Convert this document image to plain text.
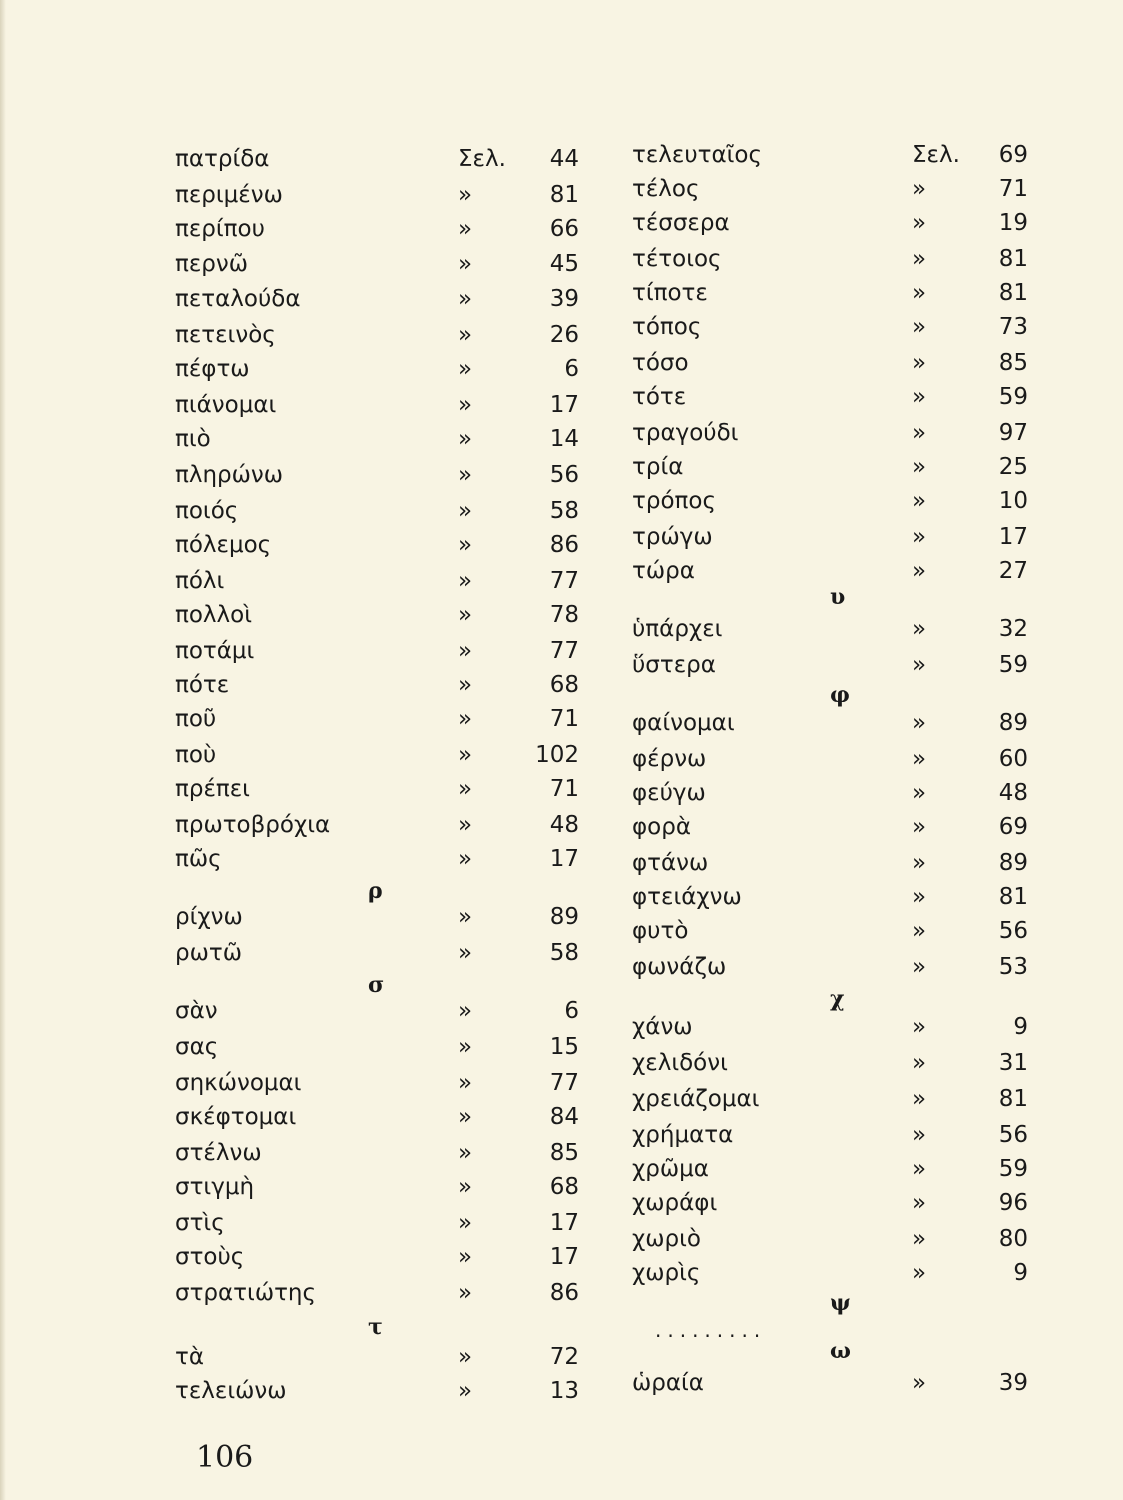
πατρίδα	Σελ.	44
περιμένω	»	81
περίπου	»	66
περνῶ	»	45
πεταλούδα	»	39
πετεινὸς	»	26
πέφτω	»	6
πιάνομαι	»	17
πιὸ	»	14
πληρώνω	»	56
ποιός	»	58
πόλεμος	»	86
πόλι	»	77
πολλοὶ	»	78
ποτάμι	»	77
πότε	»	68
ποῦ	»	71
ποὺ	»	102
πρέπει	»	71
πρωτοβρόχια	»	48
πῶς	»	17
ρ
ρίχνω	»	89
ρωτῶ	»	58
σ
σὰν	»	6
σας	»	15
σηκώνομαι	»	77
σκέφτομαι	»	84
στέλνω	»	85
στιγμὴ	»	68
στὶς	»	17
στοὺς	»	17
στρατιώτης	»	86
τ
τὰ	»	72
τελειώνω	»	13
τελευταῖος	Σελ.	69
τέλος	»	71
τέσσερα	»	19
τέτοιος	»	81
τίποτε	»	81
τόπος	»	73
τόσο	»	85
τότε	»	59
τραγούδι	»	97
τρία	»	25
τρόπος	»	10
τρώγω	»	17
τώρα	»	27
υ
ὑπάρχει	»	32
ὕστερα	»	59
φ
φαίνομαι	»	89
φέρνω	»	60
φεύγω	»	48
φορὰ	»	69
φτάνω	»	89
φτειάχνω	»	81
φυτὸ	»	56
φωνάζω	»	53
χ
χάνω	»	9
χελιδόνι	»	31
χρειάζομαι	»	81
χρήματα	»	56
χρῶμα	»	59
χωράφι	»	96
χωριὸ	»	80
χωρὶς	»	9
ψ
.........
ω
ὡραία	»	39
106
